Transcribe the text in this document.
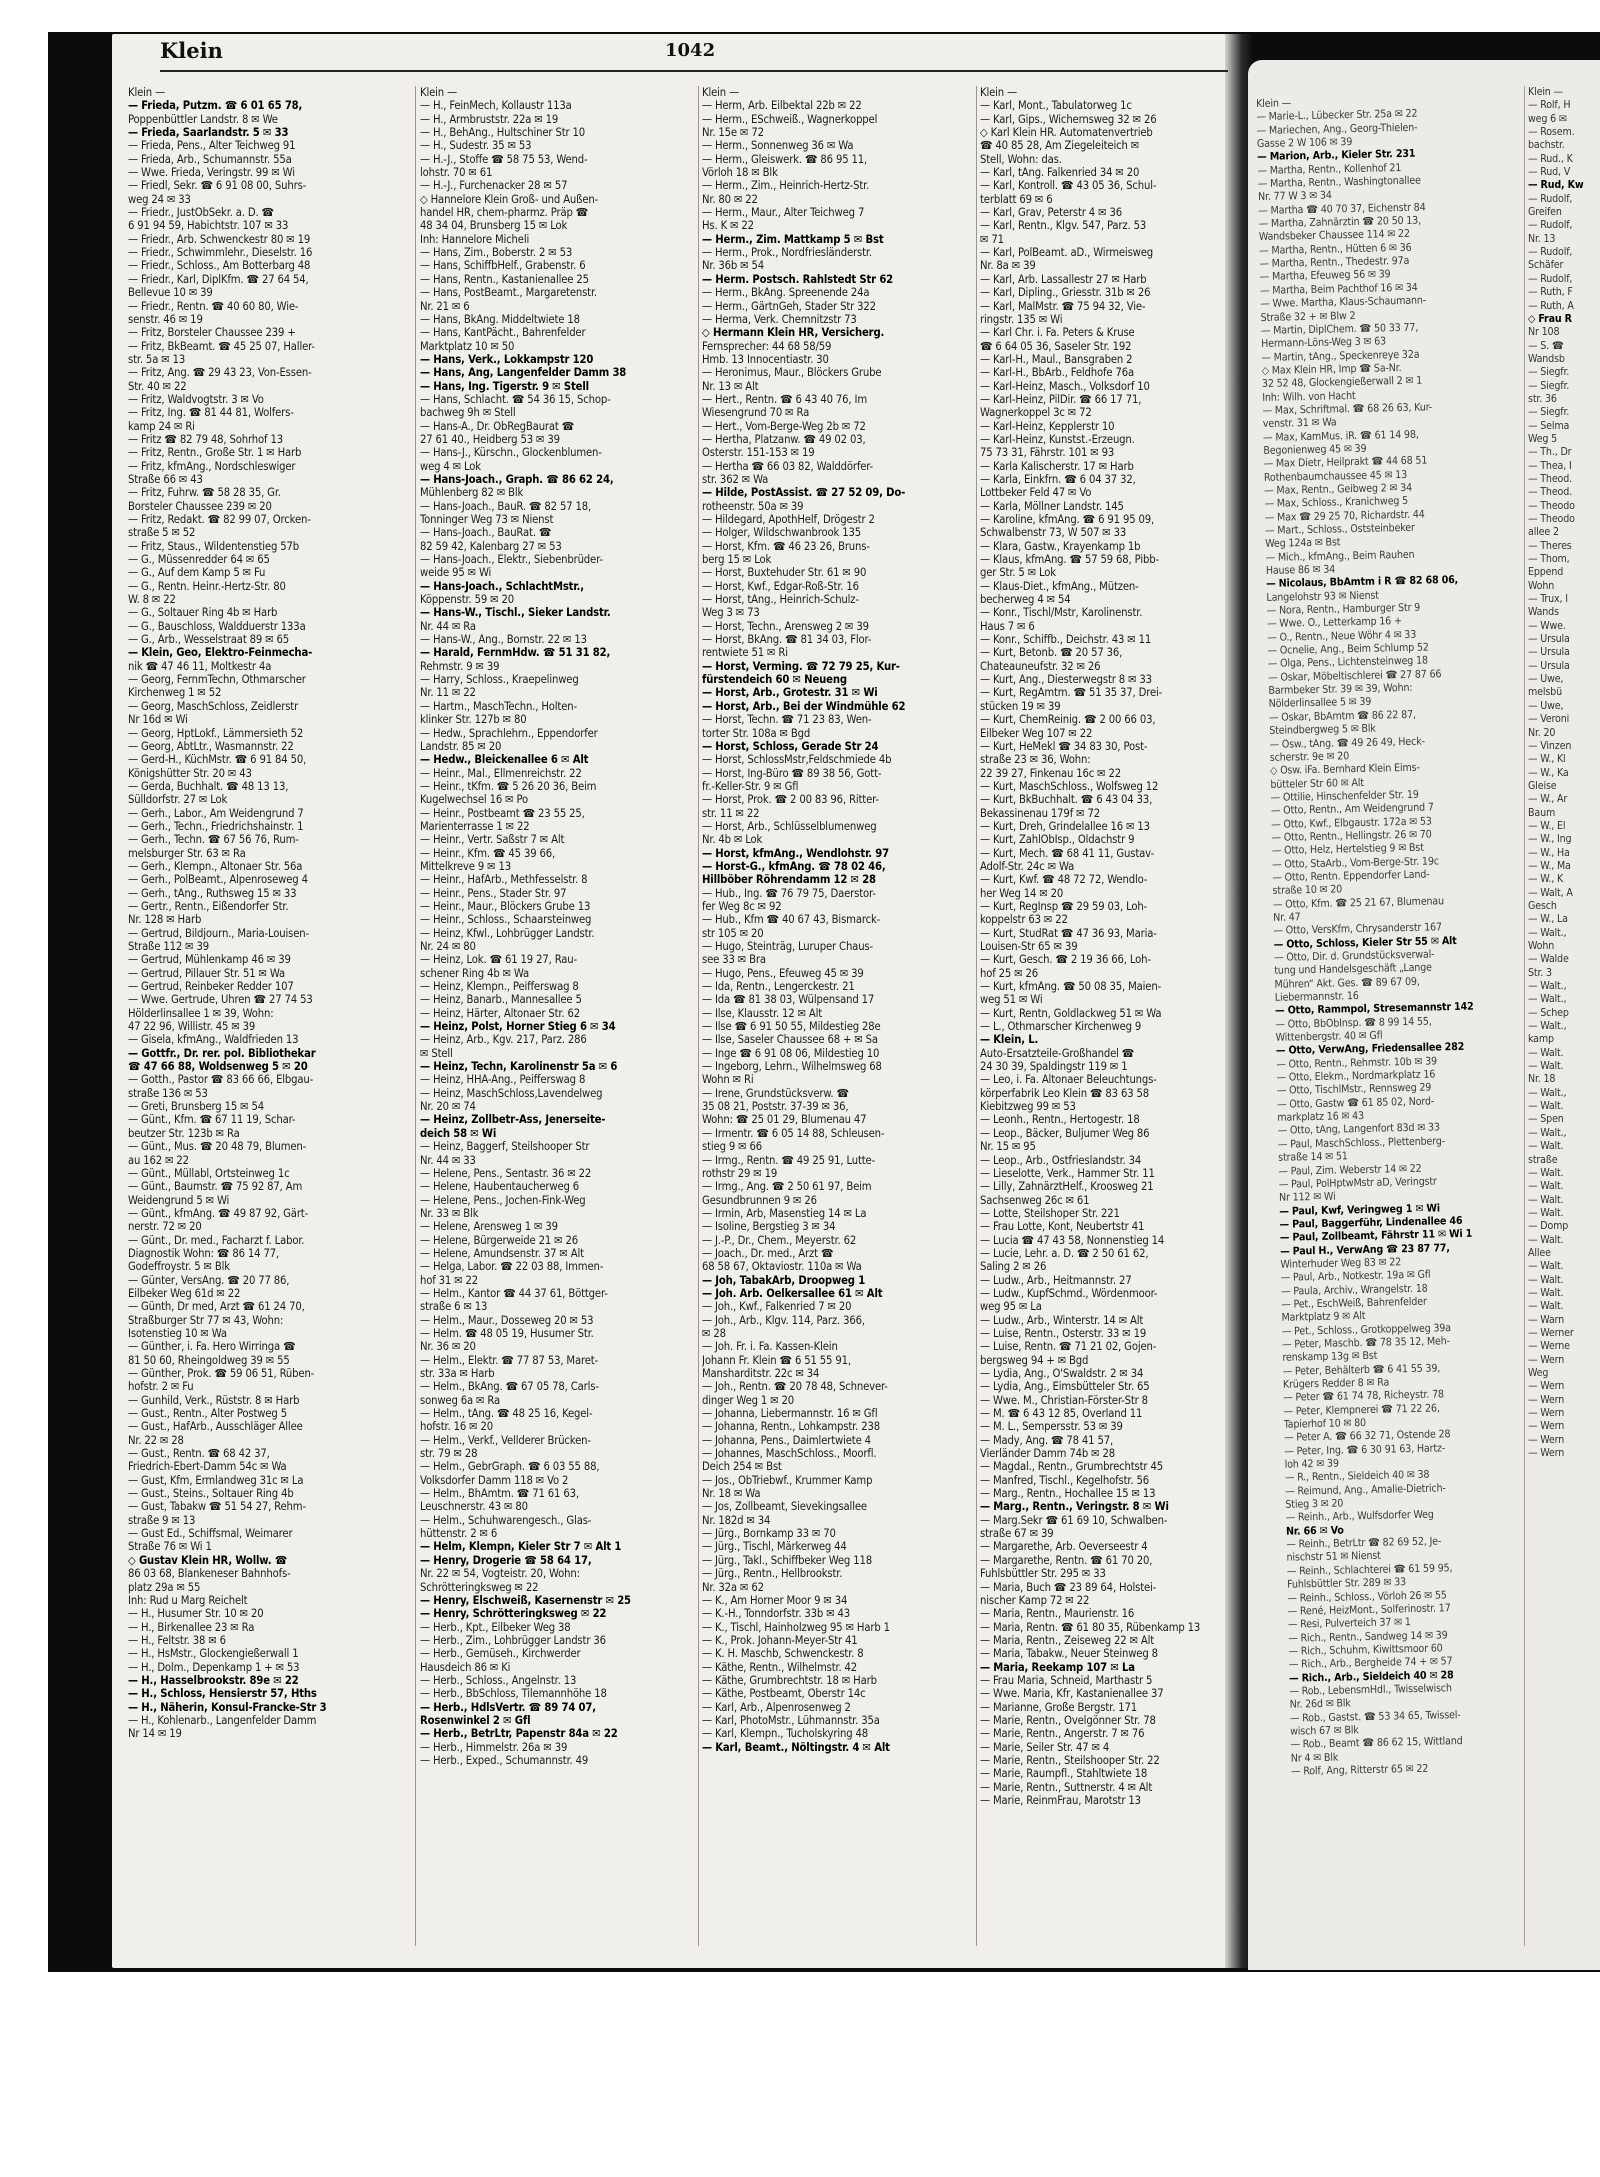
Klein	1042
Klein —
— Frieda, Putzm. ☎ 6 01 65 78,
Poppenbüttler Landstr. 8 ✉ We
— Frieda, Saarlandstr. 5 ✉ 33
— Frieda, Pens., Alter Teichweg 91
— Frieda, Arb., Schumannstr. 55a
— Wwe. Frieda, Veringstr. 99 ✉ Wi
— Friedl, Sekr. ☎ 6 91 08 00, Suhrs-
weg 24 ✉ 33
— Friedr., JustObSekr. a. D. ☎
6 91 94 59, Habichtstr. 107 ✉ 33
— Friedr., Arb. Schwenckestr 80 ✉ 19
— Friedr., Schwimmlehr., Dieselstr. 16
— Friedr., Schloss., Am Botterbarg 48
— Friedr., Karl, DiplKfm. ☎ 27 64 54,
Bellevue 10 ✉ 39
— Friedr., Rentn. ☎ 40 60 80, Wie-
senstr. 46 ✉ 19
— Fritz, Borsteler Chaussee 239 +
— Fritz, BkBeamt. ☎ 45 25 07, Haller-
str. 5a ✉ 13
— Fritz, Ang. ☎ 29 43 23, Von-Essen-
Str. 40 ✉ 22
— Fritz, Waldvogtstr. 3 ✉ Vo
— Fritz, Ing. ☎ 81 44 81, Wolfers-
kamp 24 ✉ Ri
— Fritz ☎ 82 79 48, Sohrhof 13
— Fritz, Rentn., Große Str. 1 ✉ Harb
— Fritz, kfmAng., Nordschleswiger
Straße 66 ✉ 43
— Fritz, Fuhrw. ☎ 58 28 35, Gr.
Borsteler Chaussee 239 ✉ 20
— Fritz, Redakt. ☎ 82 99 07, Orcken-
straße 5 ✉ 52
— Fritz, Staus., Wildentenstieg 57b
— G., Müssenredder 64 ✉ 65
— G., Auf dem Kamp 5 ✉ Fu
— G., Rentn. Heinr.-Hertz-Str. 80
W. 8 ✉ 22
— G., Soltauer Ring 4b ✉ Harb
— G., Bauschloss, Waldduerstr 133a
— G., Arb., Wesselstraat 89 ✉ 65
— Klein, Geo, Elektro-Feinmecha-
nik ☎ 47 46 11, Moltkestr 4a
— Georg, FernmTechn, Othmarscher
Kirchenweg 1 ✉ 52
— Georg, MaschSchloss, Zeidlerstr
Nr 16d ✉ Wi
— Georg, HptLokf., Lämmersieth 52
— Georg, AbtLtr., Wasmannstr. 22
— Gerd-H., KüchMstr. ☎ 6 91 84 50,
Königshütter Str. 20 ✉ 43
— Gerda, Buchhalt. ☎ 48 13 13,
Sülldorfstr. 27 ✉ Lok
— Gerh., Labor., Am Weidengrund 7
— Gerh., Techn., Friedrichshainstr. 1
— Gerh., Techn. ☎ 67 56 76, Rum-
melsburger Str. 63 ✉ Ra
— Gerh., Klempn., Altonaer Str. 56a
— Gerh., PolBeamt., Alpenroseweg 4
— Gerh., tAng., Ruthsweg 15 ✉ 33
— Gertr., Rentn., Eißendorfer Str.
Nr. 128 ✉ Harb
— Gertrud, Bildjourn., Maria-Louisen-
Straße 112 ✉ 39
— Gertrud, Mühlenkamp 46 ✉ 39
— Gertrud, Pillauer Str. 51 ✉ Wa
— Gertrud, Reinbeker Redder 107
— Wwe. Gertrude, Uhren ☎ 27 74 53
Hölderlinsallee 1 ✉ 39, Wohn:
47 22 96, Willistr. 45 ✉ 39
— Gisela, kfmAng., Waldfrieden 13
— Gottfr., Dr. rer. pol. Bibliothekar
☎ 47 66 88, Woldsenweg 5 ✉ 20
— Gotth., Pastor ☎ 83 66 66, Elbgau-
straße 136 ✉ 53
— Greti, Brunsberg 15 ✉ 54
— Günt., Kfm. ☎ 67 11 19, Schar-
beutzer Str. 123b ✉ Ra
— Günt., Mus. ☎ 20 48 79, Blumen-
au 162 ✉ 22
— Günt., Müllabl, Ortsteinweg 1c
— Günt., Baumstr. ☎ 75 92 87, Am
Weidengrund 5 ✉ Wi
— Günt., kfmAng. ☎ 49 87 92, Gärt-
nerstr. 72 ✉ 20
— Günt., Dr. med., Facharzt f. Labor.
Diagnostik Wohn: ☎ 86 14 77,
Godeffroystr. 5 ✉ Blk
— Günter, VersAng. ☎ 20 77 86,
Eilbeker Weg 61d ✉ 22
— Günth, Dr med, Arzt ☎ 61 24 70,
Straßburger Str 77 ✉ 43, Wohn:
Isotenstieg 10 ✉ Wa
— Günther, i. Fa. Hero Wirringa ☎
81 50 60, Rheingoldweg 39 ✉ 55
— Günther, Prok. ☎ 59 06 51, Rüben-
hofstr. 2 ✉ Fu
— Gunhild, Verk., Rüststr. 8 ✉ Harb
— Gust., Rentn., Alter Postweg 5
— Gust., HafArb., Ausschläger Allee
Nr. 22 ✉ 28
— Gust., Rentn. ☎ 68 42 37,
Friedrich-Ebert-Damm 54c ✉ Wa
— Gust, Kfm, Ermlandweg 31c ✉ La
— Gust., Steins., Soltauer Ring 4b
— Gust, Tabakw ☎ 51 54 27, Rehm-
straße 9 ✉ 13
— Gust Ed., Schiffsmal, Weimarer
Straße 76 ✉ Wi 1
◇ Gustav Klein HR, Wollw. ☎
86 03 68, Blankeneser Bahnhofs-
platz 29a ✉ 55
Inh: Rud u Marg Reichelt
— H., Husumer Str. 10 ✉ 20
— H., Birkenallee 23 ✉ Ra
— H., Feltstr. 38 ✉ 6
— H., HsMstr., Glockengießerwall 1
— H., Dolm., Depenkamp 1 + ✉ 53
— H., Hasselbrookstr. 89e ✉ 22
— H., Schloss, Hensierstr 57, Hths
— H., Näherin, Konsul-Francke-Str 3
— H., Kohlenarb., Langenfelder Damm
Nr 14 ✉ 19
Klein —
— H., FeinMech, Kollaustr 113a
— H., Armbruststr. 22a ✉ 19
— H., BehAng., Hultschiner Str 10
— H., Sudestr. 35 ✉ 53
— H.-J., Stoffe ☎ 58 75 53, Wend-
lohstr. 70 ✉ 61
— H.-J., Furchenacker 28 ✉ 57
◇ Hannelore Klein Groß- und Außen-
handel HR, chem-pharmz. Präp ☎
48 34 04, Brunsberg 15 ✉ Lok
Inh: Hannelore Micheli
— Hans, Zim., Boberstr. 2 ✉ 53
— Hans, SchiffbHelf., Grabenstr. 6
— Hans, Rentn., Kastanienallee 25
— Hans, PostBeamt., Margaretenstr.
Nr. 21 ✉ 6
— Hans, BkAng. Middeltwiete 18
— Hans, KantPächt., Bahrenfelder
Marktplatz 10 ✉ 50
— Hans, Verk., Lokkampstr 120
— Hans, Ang, Langenfelder Damm 38
— Hans, Ing. Tigerstr. 9 ✉ Stell
— Hans, Schlacht. ☎ 54 36 15, Schop-
bachweg 9h ✉ Stell
— Hans-A., Dr. ObRegBaurat ☎
27 61 40., Heidberg 53 ✉ 39
— Hans-J., Kürschn., Glockenblumen-
weg 4 ✉ Lok
— Hans-Joach., Graph. ☎ 86 62 24,
Mühlenberg 82 ✉ Blk
— Hans-Joach., BauR. ☎ 82 57 18,
Tonninger Weg 73 ✉ Nienst
— Hans-Joach., BauRat. ☎
82 59 42, Kalenbarg 27 ✉ 53
— Hans-Joach., Elektr., Siebenbrüder-
weide 95 ✉ Wi
— Hans-Joach., SchlachtMstr.,
Köppenstr. 59 ✉ 20
— Hans-W., Tischl., Sieker Landstr.
Nr. 44 ✉ Ra
— Hans-W., Ang., Bornstr. 22 ✉ 13
— Harald, FernmHdw. ☎ 51 31 82,
Rehmstr. 9 ✉ 39
— Harry, Schloss., Kraepelinweg
Nr. 11 ✉ 22
— Hartm., MaschTechn., Holten-
klinker Str. 127b ✉ 80
— Hedw., Sprachlehrn., Eppendorfer
Landstr. 85 ✉ 20
— Hedw., Bleickenallee 6 ✉ Alt
— Heinr., Mal., Ellmenreichstr. 22
— Heinr., tKfm. ☎ 5 26 20 36, Beim
Kugelwechsel 16 ✉ Po
— Heinr., Postbeamt ☎ 23 55 25,
Marienterrasse 1 ✉ 22
— Heinr., Vertr. Saßstr 7 ✉ Alt
— Heinr., Kfm. ☎ 45 39 66,
Mittelkreve 9 ✉ 13
— Heinr., HafArb., Methfesselstr. 8
— Heinr., Pens., Stader Str. 97
— Heinr., Maur., Blöckers Grube 13
— Heinr., Schloss., Schaarsteinweg
— Heinz, Kfwl., Lohbrügger Landstr.
Nr. 24 ✉ 80
— Heinz, Lok. ☎ 61 19 27, Rau-
schener Ring 4b ✉ Wa
— Heinz, Klempn., Peifferswag 8
— Heinz, Banarb., Mannesallee 5
— Heinz, Härter, Altonaer Str. 62
— Heinz, Polst, Horner Stieg 6 ✉ 34
— Heinz, Arb., Kgv. 217, Parz. 286
✉ Stell
— Heinz, Techn, Karolinenstr 5a ✉ 6
— Heinz, HHA-Ang., Peifferswag 8
— Heinz, MaschSchloss,Lavendelweg
Nr. 20 ✉ 74
— Heinz, Zollbetr-Ass, Jenerseite-
deich 58 ✉ Wi
— Heinz, Baggerf, Steilshooper Str
Nr. 44 ✉ 33
— Helene, Pens., Sentastr. 36 ✉ 22
— Helene, Haubentaucherweg 6
— Helene, Pens., Jochen-Fink-Weg
Nr. 33 ✉ Blk
— Helene, Arensweg 1 ✉ 39
— Helene, Bürgerweide 21 ✉ 26
— Helene, Amundsenstr. 37 ✉ Alt
— Helga, Labor. ☎ 22 03 88, Immen-
hof 31 ✉ 22
— Helm., Kantor ☎ 44 37 61, Böttger-
straße 6 ✉ 13
— Helm., Maur., Dosseweg 20 ✉ 53
— Helm. ☎ 48 05 19, Husumer Str.
Nr. 36 ✉ 20
— Helm., Elektr. ☎ 77 87 53, Maret-
str. 33a ✉ Harb
— Helm., BkAng. ☎ 67 05 78, Carls-
sonweg 6a ✉ Ra
— Helm., tAng. ☎ 48 25 16, Kegel-
hofstr. 16 ✉ 20
— Helm., Verkf., Vellderer Brücken-
str. 79 ✉ 28
— Helm., GebrGraph. ☎ 6 03 55 88,
Volksdorfer Damm 118 ✉ Vo 2
— Helm., BhAmtm. ☎ 71 61 63,
Leuschnerstr. 43 ✉ 80
— Helm., Schuhwarengesch., Glas-
hüttenstr. 2 ✉ 6
— Helm, Klempn, Kieler Str 7 ✉ Alt 1
— Henry, Drogerie ☎ 58 64 17,
Nr. 22 ✉ 54, Vogteistr. 20, Wohn:
Schrötteringksweg ✉ 22
— Henry, Elschweiß, Kasernenstr ✉ 25
— Henry, Schrötteringksweg ✉ 22
— Herb., Kpt., Eilbeker Weg 38
— Herb., Zim., Lohbrügger Landstr 36
— Herb., Gemüseh., Kirchwerder
Hausdeich 86 ✉ Ki
— Herb., Schloss., Angelnstr. 13
— Herb., BbSchloss, Tilemannhöhe 18
— Herb., HdlsVertr. ☎ 89 74 07,
Rosenwinkel 2 ✉ Gfl
— Herb., BetrLtr, Papenstr 84a ✉ 22
— Herb., Himmelstr. 26a ✉ 39
— Herb., Exped., Schumannstr. 49
Klein —
— Herm, Arb. Eilbektal 22b ✉ 22
— Herm., ESchweiß., Wagnerkoppel
Nr. 15e ✉ 72
— Herm., Sonnenweg 36 ✉ Wa
— Herm., Gleiswerk. ☎ 86 95 11,
Vörloh 18 ✉ Blk
— Herm., Zim., Heinrich-Hertz-Str.
Nr. 80 ✉ 22
— Herm., Maur., Alter Teichweg 7
Hs. K ✉ 22
— Herm., Zim. Mattkamp 5 ✉ Bst
— Herm., Prok., Nordfriesländerstr.
Nr. 36b ✉ 54
— Herm. Postsch. Rahlstedt Str 62
— Herm., BkAng. Spreenende 24a
— Herm., GärtnGeh, Stader Str 322
— Herma, Verk. Chemnitzstr 73
◇ Hermann Klein HR, Versicherg.
Fernsprecher: 44 68 58/59
Hmb. 13 Innocentiastr. 30
— Heronimus, Maur., Blöckers Grube
Nr. 13 ✉ Alt
— Hert., Rentn. ☎ 6 43 40 76, Im
Wiesengrund 70 ✉ Ra
— Hert., Vom-Berge-Weg 2b ✉ 72
— Hertha, Platzanw. ☎ 49 02 03,
Osterstr. 151-153 ✉ 19
— Hertha ☎ 66 03 82, Walddörfer-
str. 362 ✉ Wa
— Hilde, PostAssist. ☎ 27 52 09, Do-
rotheenstr. 50a ✉ 39
— Hildegard, ApothHelf, Drögestr 2
— Holger, Wildschwanbrook 135
— Horst, Kfm. ☎ 46 23 26, Bruns-
berg 15 ✉ Lok
— Horst, Buxtehuder Str. 61 ✉ 90
— Horst, Kwf., Edgar-Roß-Str. 16
— Horst, tAng., Heinrich-Schulz-
Weg 3 ✉ 73
— Horst, Techn., Arensweg 2 ✉ 39
— Horst, BkAng. ☎ 81 34 03, Flor-
rentwiete 51 ✉ Ri
— Horst, Verming. ☎ 72 79 25, Kur-
fürstendeich 60 ✉ Neueng
— Horst, Arb., Grotestr. 31 ✉ Wi
— Horst, Arb., Bei der Windmühle 62
— Horst, Techn. ☎ 71 23 83, Wen-
torter Str. 108a ✉ Bgd
— Horst, Schloss, Gerade Str 24
— Horst, SchlossMstr,Feldschmiede 4b
— Horst, Ing-Büro ☎ 89 38 56, Gott-
fr.-Keller-Str. 9 ✉ Gfl
— Horst, Prok. ☎ 2 00 83 96, Ritter-
str. 11 ✉ 22
— Horst, Arb., Schlüsselblumenweg
Nr. 4b ✉ Lok
— Horst, kfmAng., Wendlohstr. 97
— Horst-G., kfmAng. ☎ 78 02 46,
Hillböber Röhrendamm 12 ✉ 28
— Hub., Ing. ☎ 76 79 75, Daerstor-
fer Weg 8c ✉ 92
— Hub., Kfm ☎ 40 67 43, Bismarck-
str 105 ✉ 20
— Hugo, Steinträg, Luruper Chaus-
see 33 ✉ Bra
— Hugo, Pens., Efeuweg 45 ✉ 39
— Ida, Rentn., Lengerckestr. 21
— Ida ☎ 81 38 03, Wülpensand 17
— Ilse, Klausstr. 12 ✉ Alt
— Ilse ☎ 6 91 50 55, Mildestieg 28e
— Ilse, Saseler Chaussee 68 + ✉ Sa
— Inge ☎ 6 91 08 06, Mildestieg 10
— Ingeborg, Lehrn., Wilhelmsweg 68
Wohn ✉ Ri
— Irene, Grundstücksverw. ☎
35 08 21, Poststr. 37-39 ✉ 36,
Wohn: ☎ 25 01 29, Blumenau 47
— Irmentr. ☎ 6 05 14 88, Schleusen-
stieg 9 ✉ 66
— Irmg., Rentn. ☎ 49 25 91, Lutte-
rothstr 29 ✉ 19
— Irmg., Ang. ☎ 2 50 61 97, Beim
Gesundbrunnen 9 ✉ 26
— Irmin, Arb, Masenstieg 14 ✉ La
— Isoline, Bergstieg 3 ✉ 34
— J.-P., Dr., Chem., Meyerstr. 62
— Joach., Dr. med., Arzt ☎
68 58 67, Oktaviostr. 110a ✉ Wa
— Joh, TabakArb, Droopweg 1
— Joh. Arb. Oelkersallee 61 ✉ Alt
— Joh., Kwf., Falkenried 7 ✉ 20
— Joh., Arb., Klgv. 114, Parz. 366,
✉ 28
— Joh. Fr. i. Fa. Kassen-Klein
Johann Fr. Klein ☎ 6 51 55 91,
Mansharditstr. 22c ✉ 34
— Joh., Rentn. ☎ 20 78 48, Schnever-
dinger Weg 1 ✉ 20
— Johanna, Liebermannstr. 16 ✉ Gfl
— Johanna, Rentn., Lohkampstr. 238
— Johanna, Pens., Daimlertwiete 4
— Johannes, MaschSchloss., Moorfl.
Deich 254 ✉ Bst
— Jos., ObTriebwf., Krummer Kamp
Nr. 18 ✉ Wa
— Jos, Zollbeamt, Sievekingsallee
Nr. 182d ✉ 34
— Jürg., Bornkamp 33 ✉ 70
— Jürg., Tischl, Märkerweg 44
— Jürg., Takl., Schiffbeker Weg 118
— Jürg., Rentn., Hellbrookstr.
Nr. 32a ✉ 62
— K., Am Horner Moor 9 ✉ 34
— K.-H., Tonndorfstr. 33b ✉ 43
— K., Tischl, Hainholzweg 95 ✉ Harb 1
— K., Prok. Johann-Meyer-Str 41
— K. H. Maschb, Schwenckestr. 8
— Käthe, Rentn., Wilhelmstr. 42
— Käthe, Grumbrechtstr. 18 ✉ Harb
— Käthe, Postbeamt, Oberstr 14c
— Karl, Arb., Alpenrosenweg 2
— Karl, PhotoMstr., Lühmannstr. 35a
— Karl, Klempn., Tucholskyring 48
— Karl, Beamt., Nöltingstr. 4 ✉ Alt
Klein —
— Karl, Mont., Tabulatorweg 1c
— Karl, Gips., Wichernsweg 32 ✉ 26
◇ Karl Klein HR. Automatenvertrieb
☎ 40 85 28, Am Ziegeleiteich ✉
Stell, Wohn: das.
— Karl, tAng. Falkenried 34 ✉ 20
— Karl, Kontroll. ☎ 43 05 36, Schul-
terblatt 69 ✉ 6
— Karl, Grav, Peterstr 4 ✉ 36
— Karl, Rentn., Klgv. 547, Parz. 53
✉ 71
— Karl, PolBeamt. aD., Wirmeisweg
Nr. 8a ✉ 39
— Karl, Arb. Lassallestr 27 ✉ Harb
— Karl, Dipling., Griesstr. 31b ✉ 26
— Karl, MalMstr. ☎ 75 94 32, Vie-
ringstr. 135 ✉ Wi
— Karl Chr. i. Fa. Peters & Kruse
☎ 6 64 05 36, Saseler Str. 192
— Karl-H., Maul., Bansgraben 2
— Karl-H., BbArb., Feldhofe 76a
— Karl-Heinz, Masch., Volksdorf 10
— Karl-Heinz, PilDir. ☎ 66 17 71,
Wagnerkoppel 3c ✉ 72
— Karl-Heinz, Kepplerstr 10
— Karl-Heinz, Kunstst.-Erzeugn.
75 73 31, Fährstr. 101 ✉ 93
— Karla Kalischerstr. 17 ✉ Harb
— Karla, Einkfrn. ☎ 6 04 37 32,
Lottbeker Feld 47 ✉ Vo
— Karla, Möllner Landstr. 145
— Karoline, kfmAng. ☎ 6 91 95 09,
Schwalbenstr 73, W 507 ✉ 33
— Klara, Gastw., Krayenkamp 1b
— Klaus, kfmAng. ☎ 57 59 68, Pibb-
ger Str. 5 ✉ Lok
— Klaus-Diet., kfmAng., Mützen-
becherweg 4 ✉ 54
— Konr., Tischl/Mstr, Karolinenstr.
Haus 7 ✉ 6
— Konr., Schiffb., Deichstr. 43 ✉ 11
— Kurt, Betonb. ☎ 20 57 36,
Chateauneufstr. 32 ✉ 26
— Kurt, Ang., Diesterwegstr 8 ✉ 33
— Kurt, RegAmtm. ☎ 51 35 37, Drei-
stücken 19 ✉ 39
— Kurt, ChemReinig. ☎ 2 00 66 03,
Eilbeker Weg 107 ✉ 22
— Kurt, HeMekl ☎ 34 83 30, Post-
straße 23 ✉ 36, Wohn:
22 39 27, Finkenau 16c ✉ 22
— Kurt, MaschSchloss., Wolfsweg 12
— Kurt, BkBuchhalt. ☎ 6 43 04 33,
Bekassinenau 179f ✉ 72
— Kurt, Dreh, Grindelallee 16 ✉ 13
— Kurt, ZahlObIsp., Oldachstr 9
— Kurt, Mech. ☎ 68 41 11, Gustav-
Adolf-Str. 24c ✉ Wa
— Kurt, Kwf. ☎ 48 72 72, Wendlo-
her Weg 14 ✉ 20
— Kurt, RegInsp ☎ 29 59 03, Loh-
koppelstr 63 ✉ 22
— Kurt, StudRat ☎ 47 36 93, Maria-
Louisen-Str 65 ✉ 39
— Kurt, Gesch. ☎ 2 19 36 66, Loh-
hof 25 ✉ 26
— Kurt, kfmAng. ☎ 50 08 35, Maien-
weg 51 ✉ Wi
— Kurt, Rentn, Goldlackweg 51 ✉ Wa
— L., Othmarscher Kirchenweg 9
— Klein, L.
Auto-Ersatzteile-Großhandel ☎
24 30 39, Spaldingstr 119 ✉ 1
— Leo, i. Fa. Altonaer Beleuchtungs-
körperfabrik Leo Klein ☎ 83 63 58
Kiebitzweg 99 ✉ 53
— Leonh., Rentn., Hertogestr. 18
— Leop., Bäcker, Buljumer Weg 86
Nr. 15 ✉ 95
— Leop., Arb., Ostfrieslandstr. 34
— Lieselotte, Verk., Hammer Str. 11
— Lilly, ZahnärztHelf., Kroosweg 21
Sachsenweg 26c ✉ 61
— Lotte, Steilshoper Str. 221
— Frau Lotte, Kont, Neubertstr 41
— Lucia ☎ 47 43 58, Nonnenstieg 14
— Lucie, Lehr. a. D. ☎ 2 50 61 62,
Saling 2 ✉ 26
— Ludw., Arb., Heitmannstr. 27
— Ludw., KupfSchmd., Wördenmoor-
weg 95 ✉ La
— Ludw., Arb., Winterstr. 14 ✉ Alt
— Luise, Rentn., Osterstr. 33 ✉ 19
— Luise, Rentn. ☎ 71 21 02, Gojen-
bergsweg 94 + ✉ Bgd
— Lydia, Ang., O'Swaldstr. 2 ✉ 34
— Lydia, Ang., Eimsbütteler Str. 65
— Wwe. M., Christian-Förster-Str 8
— M. ☎ 6 43 12 85, Overland 11
— M. L., Sempersstr. 53 ✉ 39
— Mady, Ang. ☎ 78 41 57,
Vierländer Damm 74b ✉ 28
— Magdal., Rentn., Grumbrechtstr 45
— Manfred, Tischl., Kegelhofstr. 56
— Marg., Rentn., Hochallee 15 ✉ 13
— Marg., Rentn., Veringstr. 8 ✉ Wi
— Marg.Sekr ☎ 61 69 10, Schwalben-
straße 67 ✉ 39
— Margarethe, Arb. Oeverseestr 4
— Margarethe, Rentn. ☎ 61 70 20,
Fuhlsbüttler Str. 295 ✉ 33
— Maria, Buch ☎ 23 89 64, Holstei-
nischer Kamp 72 ✉ 22
— Maria, Rentn., Maurienstr. 16
— Maria, Rentn. ☎ 61 80 35, Rübenkamp 13
— Maria, Rentn., Zeiseweg 22 ✉ Alt
— Maria, Tabakw., Neuer Steinweg 8
— Maria, Reekamp 107 ✉ La
— Frau Maria, Schneid, Marthastr 5
— Wwe. Maria, Kfr, Kastanienallee 37
— Marianne, Große Bergstr. 171
— Marie, Rentn., Ovelgönner Str. 78
— Marie, Rentn., Angerstr. 7 ✉ 76
— Marie, Seiler Str. 47 ✉ 4
— Marie, Rentn., Steilshooper Str. 22
— Marie, Raumpfl., Stahltwiete 18
— Marie, Rentn., Suttnerstr. 4 ✉ Alt
— Marie, ReinmFrau, Marotstr 13
Klein —
— Marie-L., Lübecker Str. 25a ✉ 22
— Mariechen, Ang., Georg-Thielen-
Gasse 2 W 106 ✉ 39
— Marion, Arb., Kieler Str. 231
— Martha, Rentn., Kollenhof 21
— Martha, Rentn., Washingtonallee
Nr. 77 W 3 ✉ 34
— Martha ☎ 40 70 37, Eichenstr 84
— Martha, Zahnärztin ☎ 20 50 13,
Wandsbeker Chaussee 114 ✉ 22
— Martha, Rentn., Hütten 6 ✉ 36
— Martha, Rentn., Thedestr. 97a
— Martha, Efeuweg 56 ✉ 39
— Martha, Beim Pachthof 16 ✉ 34
— Wwe. Martha, Klaus-Schaumann-
Straße 32 + ✉ Blw 2
— Martin, DiplChem. ☎ 50 33 77,
Hermann-Löns-Weg 3 ✉ 63
— Martin, tAng., Speckenreye 32a
◇ Max Klein HR, Imp ☎ Sa-Nr.
32 52 48, Glockengießerwall 2 ✉ 1
Inh: Wilh. von Hacht
— Max, Schriftmal. ☎ 68 26 63, Kur-
venstr. 31 ✉ Wa
— Max, KamMus. iR. ☎ 61 14 98,
Begonienweg 45 ✉ 39
— Max Dietr, Heilprakt ☎ 44 68 51
Rothenbaumchaussee 45 ✉ 13
— Max, Rentn., Geibweg 2 ✉ 34
— Max, Schloss., Kranichweg 5
— Max ☎ 29 25 70, Richardstr. 44
— Mart., Schloss., Oststeinbeker
Weg 124a ✉ Bst
— Mich., kfmAng., Beim Rauhen
Hause 86 ✉ 34
— Nicolaus, BbAmtm i R ☎ 82 68 06,
Langelohstr 93 ✉ Nienst
— Nora, Rentn., Hamburger Str 9
— Wwe. O., Letterkamp 16 +
— O., Rentn., Neue Wöhr 4 ✉ 33
— Ocnelie, Ang., Beim Schlump 52
— Olga, Pens., Lichtensteinweg 18
— Oskar, Möbeltischlerei ☎ 27 87 66
Barmbeker Str. 39 ✉ 39, Wohn:
Nölderlinsallee 5 ✉ 39
— Oskar, BbAmtm ☎ 86 22 87,
Steindbergweg 5 ✉ Blk
— Osw., tAng. ☎ 49 26 49, Heck-
scherstr. 9e ✉ 20
◇ Osw. iFa. Bernhard Klein Eims-
bütteler Str 60 ✉ Alt
— Ottilie, Hinschenfelder Str. 19
— Otto, Rentn., Am Weidengrund 7
— Otto, Kwf., Elbgaustr. 172a ✉ 53
— Otto, Rentn., Hellingstr. 26 ✉ 70
— Otto, Helz, Hertelstieg 9 ✉ Bst
— Otto, StaArb., Vom-Berge-Str. 19c
— Otto, Rentn. Eppendorfer Land-
straße 10 ✉ 20
— Otto, Kfm. ☎ 25 21 67, Blumenau
Nr. 47
— Otto, VersKfm, Chrysanderstr 167
— Otto, Schloss, Kieler Str 55 ✉ Alt
— Otto, Dir. d. Grundstücksverwal-
tung und Handelsgeschäft „Lange
Mühren“ Akt. Ges. ☎ 89 67 09,
Liebermannstr. 16
— Otto, Rammpol, Stresemannstr 142
— Otto, BbObInsp. ☎ 8 99 14 55,
Wittenbergstr. 40 ✉ Gfl
— Otto, VerwAng, Friedensallee 282
— Otto, Rentn., Rehmstr. 10b ✉ 39
— Otto, Elekm., Nordmarkplatz 16
— Otto, TischlMstr., Rennsweg 29
— Otto, Gastw ☎ 61 85 02, Nord-
markplatz 16 ✉ 43
— Otto, tAng, Langenfort 83d ✉ 33
— Paul, MaschSchloss., Plettenberg-
straße 14 ✉ 51
— Paul, Zim. Weberstr 14 ✉ 22
— Paul, PolHptwMstr aD, Veringstr
Nr 112 ✉ Wi
— Paul, Kwf, Veringweg 1 ✉ Wi
— Paul, Baggerführ, Lindenallee 46
— Paul, Zollbeamt, Fährstr 11 ✉ Wi 1
— Paul H., VerwAng ☎ 23 87 77,
Winterhuder Weg 83 ✉ 22
— Paul, Arb., Notkestr. 19a ✉ Gfl
— Paula, Archiv., Wrangelstr. 18
— Pet., EschWeiß, Bahrenfelder
Marktplatz 9 ✉ Alt
— Pet., Schloss., Grotkoppelweg 39a
— Peter, Maschb. ☎ 78 35 12, Meh-
renskamp 13g ✉ Bst
— Peter, Behälterb ☎ 6 41 55 39,
Krügers Redder 8 ✉ Ra
— Peter ☎ 61 74 78, Richeystr. 78
— Peter, Klempnerei ☎ 71 22 26,
Tapierhof 10 ✉ 80
— Peter A. ☎ 66 32 71, Ostende 28
— Peter, Ing. ☎ 6 30 91 63, Hartz-
loh 42 ✉ 39
— R., Rentn., Sieldeich 40 ✉ 38
— Reimund, Ang., Amalie-Dietrich-
Stieg 3 ✉ 20
— Reinh., Arb., Wulfsdorfer Weg
Nr. 66 ✉ Vo
— Reinh., BetrLtr ☎ 82 69 52, Je-
nischstr 51 ✉ Nienst
— Reinh., Schlachterei ☎ 61 59 95,
Fuhlsbüttler Str. 289 ✉ 33
— Reinh., Schloss., Vörloh 26 ✉ 55
— René, HeizMont., Solferinostr. 17
— Resi, Pulverteich 37 ✉ 1
— Rich., Rentn., Sandweg 14 ✉ 39
— Rich., Schuhm, Kiwittsmoor 60
— Rich., Arb., Bergheide 74 + ✉ 57
— Rich., Arb., Sieldeich 40 ✉ 28
— Rob., LebensmHdl., Twisselwisch
Nr. 26d ✉ Blk
— Rob., Gastst. ☎ 53 34 65, Twissel-
wisch 67 ✉ Blk
— Rob., Beamt ☎ 86 62 15, Wittland
Nr 4 ✉ Blk
— Rolf, Ang, Ritterstr 65 ✉ 22
Klein —
— Rolf, H
weg 6 ✉
— Rosem.
bachstr.
— Rud., K
— Rud, V
— Rud, Kw
— Rudolf,
Greifen
— Rudolf,
Nr. 13
— Rudolf,
Schäfer
— Rudolf,
— Ruth, F
— Ruth, A
◇ Frau R
Nr 108
— S. ☎
Wandsb
— Siegfr.
— Siegfr.
str. 36
— Siegfr.
— Selma
Weg 5
— Th., Dr
— Thea, I
— Theod.
— Theod.
— Theodo
— Theodo
allee 2
— Theres
— Thom,
Eppend
Wohn
— Trux, I
Wands
— Wwe.
— Ursula
— Ursula
— Ursula
— Uwe,
melsbü
— Uwe,
— Veroni
Nr. 20
— Vinzen
— W., Kl
— W., Ka
Gleise
— W., Ar
Baum
— W., El
— W., Ing
— W., Ha
— W., Ma
— W., K
— Walt, A
Gesch
— W., La
— Walt.,
Wohn
— Walde
Str. 3
— Walt.,
— Walt.,
— Schep
— Walt.,
kamp
— Walt.
— Walt.
Nr. 18
— Walt.,
— Walt.
— Spen
— Walt.,
— Walt.
straße
— Walt.
— Walt.
— Walt.
— Walt.
— Domp
— Walt.
Allee
— Walt.
— Walt.
— Walt.
— Walt.
— Warn
— Werner
— Werne
— Wern
Weg
— Wern
— Wern
— Wern
— Wern
— Wern
— Wern
